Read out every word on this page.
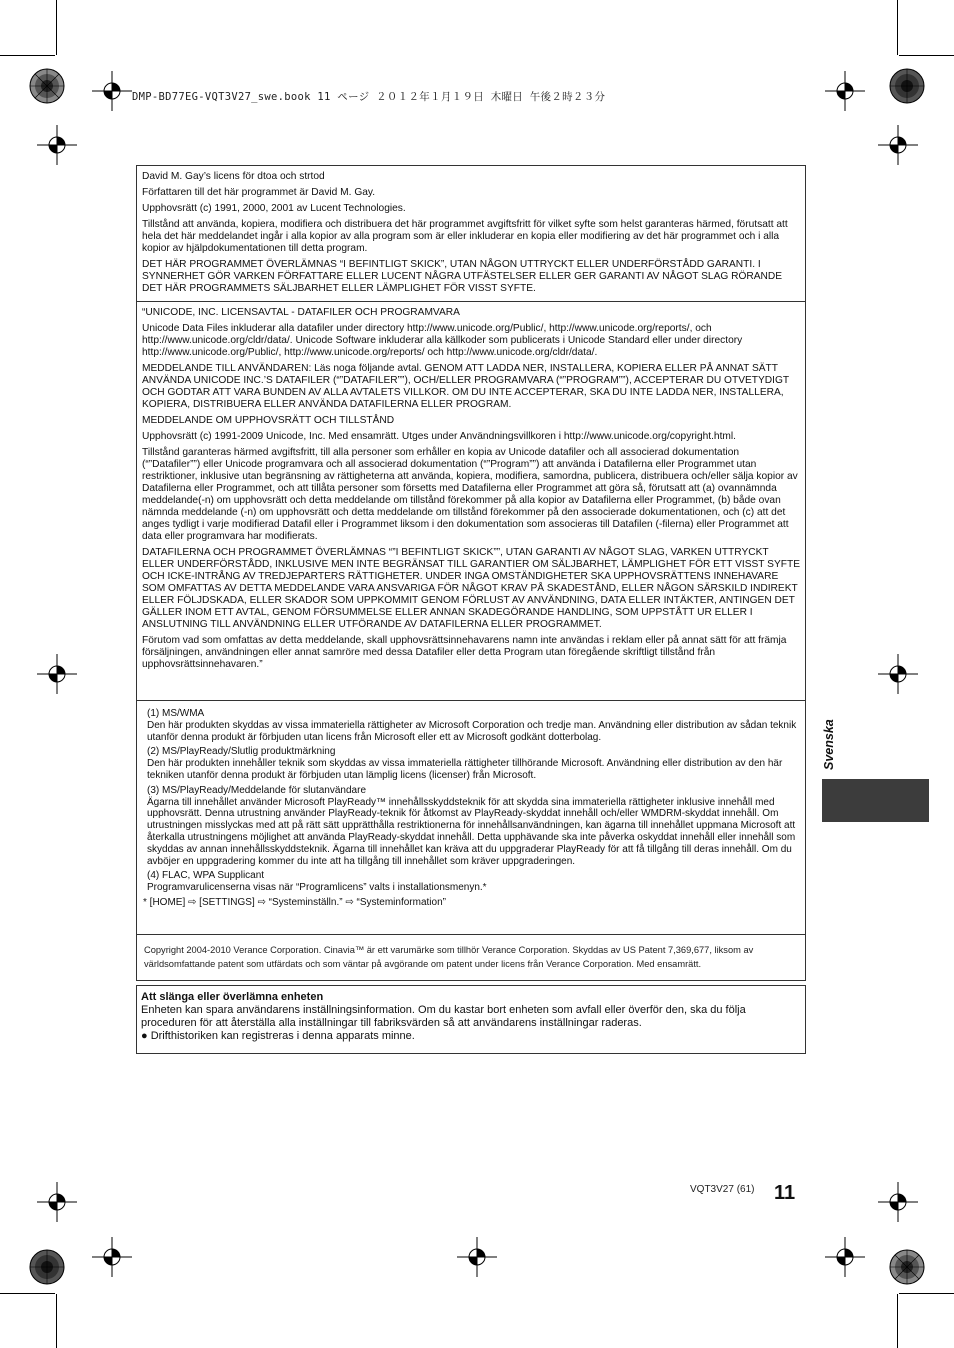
DMP-BD77EG-VQT3V27_swe.book 11 ページ ２０１２年１月１９日 木曜日 午後２時２３分

David M. Gay’s licens för dtoa och strtod

Författaren till det här programmet är David M. Gay.

Upphovsrätt (c) 1991, 2000, 2001 av Lucent Technologies.

Tillstånd att använda, kopiera, modifiera och distribuera det här programmet avgiftsfritt för vilket syfte som helst garanteras härmed, förutsatt att hela det här meddelandet ingår i alla kopior av alla program som är eller inkluderar en kopia eller modifiering av det här programmet och i alla kopior av hjälpdokumentationen till detta program.

DET HÄR PROGRAMMET ÖVERLÄMNAS “I BEFINTLIGT SKICK”, UTAN NÅGON UTTRYCKT ELLER UNDERFÖRSTÅDD GARANTI. I SYNNERHET GÖR VARKEN FÖRFATTARE ELLER LUCENT NÅGRA UTFÄSTELSER ELLER GER GARANTI AV NÅGOT SLAG RÖRANDE DET HÄR PROGRAMMETS SÄLJBARHET ELLER LÄMPLIGHET FÖR VISST SYFTE.

“UNICODE, INC. LICENSAVTAL - DATAFILER OCH PROGRAMVARA

Unicode Data Files inkluderar alla datafiler under directory http://www.unicode.org/Public/, http://www.unicode.org/reports/, och http://www.unicode.org/cldr/data/. Unicode Software inkluderar alla källkoder som publicerats i Unicode Standard eller under directory http://www.unicode.org/Public/, http://www.unicode.org/reports/ och http://www.unicode.org/cldr/data/.

MEDDELANDE TILL ANVÄNDAREN: Läs noga följande avtal. GENOM ATT LADDA NER, INSTALLERA, KOPIERA ELLER PÅ ANNAT SÄTT ANVÄNDA UNICODE INC.’S DATAFILER (“”DATAFILER””), OCH/ELLER PROGRAMVARA (“”PROGRAM””), ACCEPTERAR DU OTVETYDIGT OCH GODTAR ATT VARA BUNDEN AV ALLA AVTALETS VILLKOR. OM DU INTE ACCEPTERAR, SKA DU INTE LADDA NER, INSTALLERA, KOPIERA, DISTRIBUERA ELLER ANVÄNDA DATAFILERNA ELLER PROGRAM.

MEDDELANDE OM UPPHOVSRÄTT OCH TILLSTÅND

Upphovsrätt (c) 1991-2009 Unicode, Inc. Med ensamrätt. Utges under Användningsvillkoren i http://www.unicode.org/copyright.html.

Tillstånd garanteras härmed avgiftsfritt, till alla personer som erhåller en kopia av Unicode datafiler och all associerad dokumentation (“”Datafiler””) eller Unicode programvara och all associerad dokumentation (“”Program””) att använda i Datafilerna eller Programmet utan restriktioner, inklusive utan begränsning av rättigheterna att använda, kopiera, modifiera, samordna, publicera, distribuera och/eller sälja kopior av Datafilerna eller Programmet, och att tillåta personer som försetts med Datafilerna eller Programmet att göra så, förutsatt att (a) ovannämnda meddelande(-n) om upphovsrätt och detta meddelande om tillstånd förekommer på alla kopior av Datafilerna eller Programmet, (b) både ovan nämnda meddelande (-n) om upphovsrätt och detta meddelande om tillstånd förekommer på den associerade dokumentationen, och (c) att det anges tydligt i varje modifierad Datafil eller i Programmet liksom i den dokumentation som associeras till Datafilen (-filerna) eller Programmet att data eller programvara har modifierats.

DATAFILERNA OCH PROGRAMMET ÖVERLÄMNAS “”I BEFINTLIGT SKICK””, UTAN GARANTI AV NÅGOT SLAG, VARKEN UTTRYCKT ELLER UNDERFÖRSTÅDD, INKLUSIVE MEN INTE BEGRÄNSAT TILL GARANTIER OM SÄLJBARHET, LÄMPLIGHET FÖR ETT VISST SYFTE OCH ICKE-INTRÅNG AV TREDJEPARTERS RÄTTIGHETER. UNDER INGA OMSTÄNDIGHETER SKA UPPHOVSRÄTTENS INNEHAVARE SOM OMFATTAS AV DETTA MEDDELANDE VARA ANSVARIGA FÖR NÅGOT KRAV PÅ SKADESTÅND, ELLER NÅGON SÄRSKILD INDIREKT ELLER FÖLJDSKADA, ELLER SKADOR SOM UPPKOMMIT GENOM FÖRLUST AV ANVÄNDNING, DATA ELLER INTÄKTER, ANTINGEN DET GÄLLER INOM ETT AVTAL, GENOM FÖRSUMMELSE ELLER ANNAN SKADEGÖRANDE HANDLING, SOM UPPSTÅTT UR ELLER I ANSLUTNING TILL ANVÄNDNING ELLER UTFÖRANDE AV DATAFILERNA ELLER PROGRAMMET.

Förutom vad som omfattas av detta meddelande, skall upphovsrättsinnehavarens namn inte användas i reklam eller på annat sätt för att främja försäljningen, användningen eller annat samröre med dessa Datafiler eller detta Program utan föregående skriftligt tillstånd från upphovsrättsinnehavaren.”

(1) MS/WMA

Den här produkten skyddas av vissa immateriella rättigheter av Microsoft Corporation och tredje man. Användning eller distribution av sådan teknik utanför denna produkt är förbjuden utan licens från Microsoft eller ett av Microsoft godkänt dotterbolag.

(2) MS/PlayReady/Slutlig produktmärkning

Den här produkten innehåller teknik som skyddas av vissa immateriella rättigheter tillhörande Microsoft. Användning eller distribution av den här tekniken utanför denna produkt är förbjuden utan lämplig licens (licenser) från Microsoft.

(3) MS/PlayReady/Meddelande för slutanvändare

Ägarna till innehållet använder Microsoft PlayReady™ innehållsskyddsteknik för att skydda sina immateriella rättigheter inklusive innehåll med upphovsrätt. Denna utrustning använder PlayReady-teknik för åtkomst av PlayReady-skyddat innehåll och/eller WMDRM-skyddat innehåll. Om utrustningen misslyckas med att på rätt sätt upprätthålla restriktionerna för innehållsanvändningen, kan ägarna till innehållet uppmana Microsoft att återkalla utrustningens möjlighet att använda PlayReady-skyddat innehåll. Detta upphävande ska inte påverka oskyddat innehåll eller innehåll som skyddas av annan innehållsskyddsteknik. Ägarna till innehållet kan kräva att du uppgraderar PlayReady för att få tillgång till deras innehåll. Om du avböjer en uppgradering kommer du inte att ha tillgång till innehållet som kräver uppgraderingen.

(4) FLAC, WPA Supplicant

Programvarulicenserna visas när “Programlicens” valts i installationsmenyn.*

* [HOME] ⇨ [SETTINGS] ⇨ “Systeminställn.” ⇨ “Systeminformation”

Copyright 2004-2010 Verance Corporation. Cinavia™ är ett varumärke som tillhör Verance Corporation. Skyddas av US Patent 7,369,677, liksom av världsomfattande patent som utfärdats och som väntar på avgörande om patent under licens från Verance Corporation. Med ensamrätt.

Att slänga eller överlämna enheten

Enheten kan spara användarens inställningsinformation. Om du kastar bort enheten som avfall eller överför den, ska du följa proceduren för att återställa alla inställningar till fabriksvärden så att användarens inställningar raderas.

● Drifthistoriken kan registreras i denna apparats minne.

Svenska
VQT3V27 (61) 11
